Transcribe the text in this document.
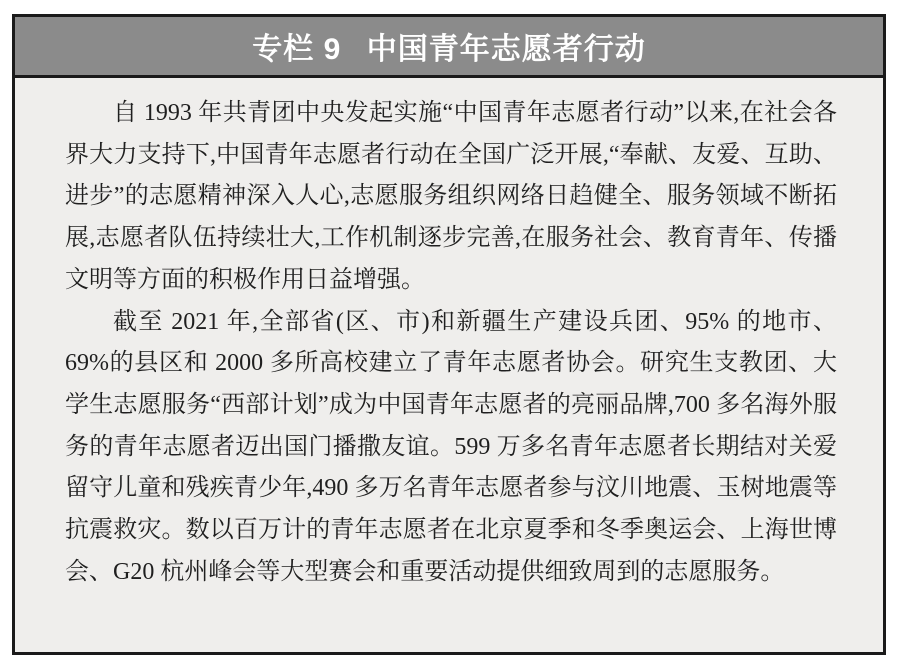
专栏 9 中国青年志愿者行动

自 1993 年共青团中央发起实施“中国青年志愿者行动”以来,在社会各界大力支持下,中国青年志愿者行动在全国广泛开展,“奉献、友爱、互助、进步”的志愿精神深入人心,志愿服务组织网络日趋健全、服务领域不断拓展,志愿者队伍持续壮大,工作机制逐步完善,在服务社会、教育青年、传播文明等方面的积极作用日益增强。

截至 2021 年,全部省(区、市)和新疆生产建设兵团、95% 的地市、69%的县区和 2000 多所高校建立了青年志愿者协会。研究生支教团、大学生志愿服务“西部计划”成为中国青年志愿者的亮丽品牌,700 多名海外服务的青年志愿者迈出国门播撒友谊。599 万多名青年志愿者长期结对关爱留守儿童和残疾青少年,490 多万名青年志愿者参与汶川地震、玉树地震等抗震救灾。数以百万计的青年志愿者在北京夏季和冬季奥运会、上海世博会、G20 杭州峰会等大型赛会和重要活动提供细致周到的志愿服务。
